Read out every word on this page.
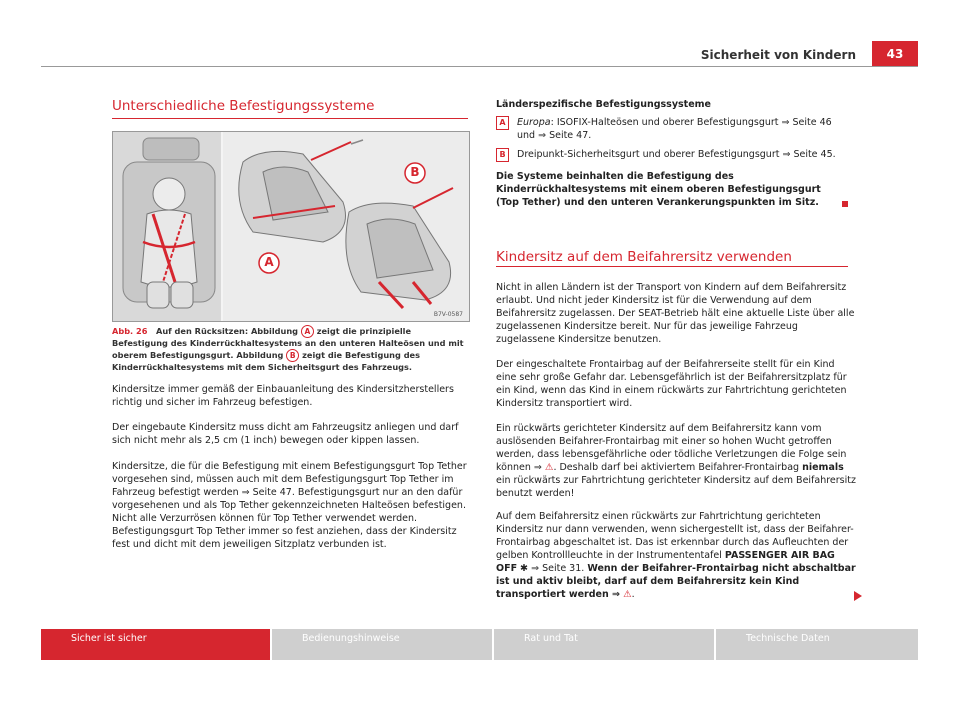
Sicherheit von Kindern	43
Unterschiedliche Befestigungssysteme
B
A
B7V-0587
Abb. 26 Auf den Rücksitzen: Abbildung A zeigt die prinzipielle Befestigung des Kinderrückhaltesystems an den unteren Halteösen und mit oberem Befestigungsgurt. Abbildung B zeigt die Befestigung des Kinderrückhaltesystems mit dem Sicherheitsgurt des Fahrzeugs.
Kindersitze immer gemäß der Einbauanleitung des Kindersitzherstellers richtig und sicher im Fahrzeug befestigen.
Der eingebaute Kindersitz muss dicht am Fahrzeugsitz anliegen und darf sich nicht mehr als 2,5 cm (1 inch) bewegen oder kippen lassen.
Kindersitze, die für die Befestigung mit einem Befestigungsgurt Top Tether vorgesehen sind, müssen auch mit dem Befestigungsgurt Top Tether im Fahrzeug befestigt werden ⇒ Seite 47. Befestigungsgurt nur an den dafür vorgesehenen und als Top Tether gekennzeichneten Halteösen befestigen. Nicht alle Verzurrösen können für Top Tether verwendet werden. Befestigungsgurt Top Tether immer so fest anziehen, dass der Kindersitz fest und dicht mit dem jeweiligen Sitzplatz verbunden ist.
Länderspezifische Befestigungssysteme
A	Europa: ISOFIX-Halteösen und oberer Befestigungsgurt ⇒ Seite 46 und ⇒ Seite 47.
B	Dreipunkt-Sicherheitsgurt und oberer Befestigungsgurt ⇒ Seite 45.
Die Systeme beinhalten die Befestigung des Kinderrückhaltesystems mit einem oberen Befestigungsgurt (Top Tether) und den unteren Verankerungspunkten im Sitz.
Kindersitz auf dem Beifahrersitz verwenden
Nicht in allen Ländern ist der Transport von Kindern auf dem Beifahrersitz erlaubt. Und nicht jeder Kindersitz ist für die Verwendung auf dem Beifahrersitz zugelassen. Der SEAT-Betrieb hält eine aktuelle Liste über alle zugelassenen Kindersitze bereit. Nur für das jeweilige Fahrzeug zugelassene Kindersitze benutzen.
Der eingeschaltete Frontairbag auf der Beifahrerseite stellt für ein Kind eine sehr große Gefahr dar. Lebensgefährlich ist der Beifahrersitzplatz für ein Kind, wenn das Kind in einem rückwärts zur Fahrtrichtung gerichteten Kindersitz transportiert wird.
Ein rückwärts gerichteter Kindersitz auf dem Beifahrersitz kann vom auslösenden Beifahrer-Frontairbag mit einer so hohen Wucht getroffen werden, dass lebensgefährliche oder tödliche Verletzungen die Folge sein können ⇒ ⚠. Deshalb darf bei aktiviertem Beifahrer-Frontairbag niemals ein rückwärts zur Fahrtrichtung gerichteter Kindersitz auf dem Beifahrersitz benutzt werden!
Auf dem Beifahrersitz einen rückwärts zur Fahrtrichtung gerichteten Kindersitz nur dann verwenden, wenn sichergestellt ist, dass der Beifahrer-Frontairbag abgeschaltet ist. Das ist erkennbar durch das Aufleuchten der gelben Kontrollleuchte in der Instrumententafel PASSENGER AIR BAG OFF ✱ ⇒ Seite 31. Wenn der Beifahrer-Frontairbag nicht abschaltbar ist und aktiv bleibt, darf auf dem Beifahrersitz kein Kind transportiert werden ⇒ ⚠.
Sicher ist sicher	Bedienungshinweise	Rat und Tat	Technische Daten
